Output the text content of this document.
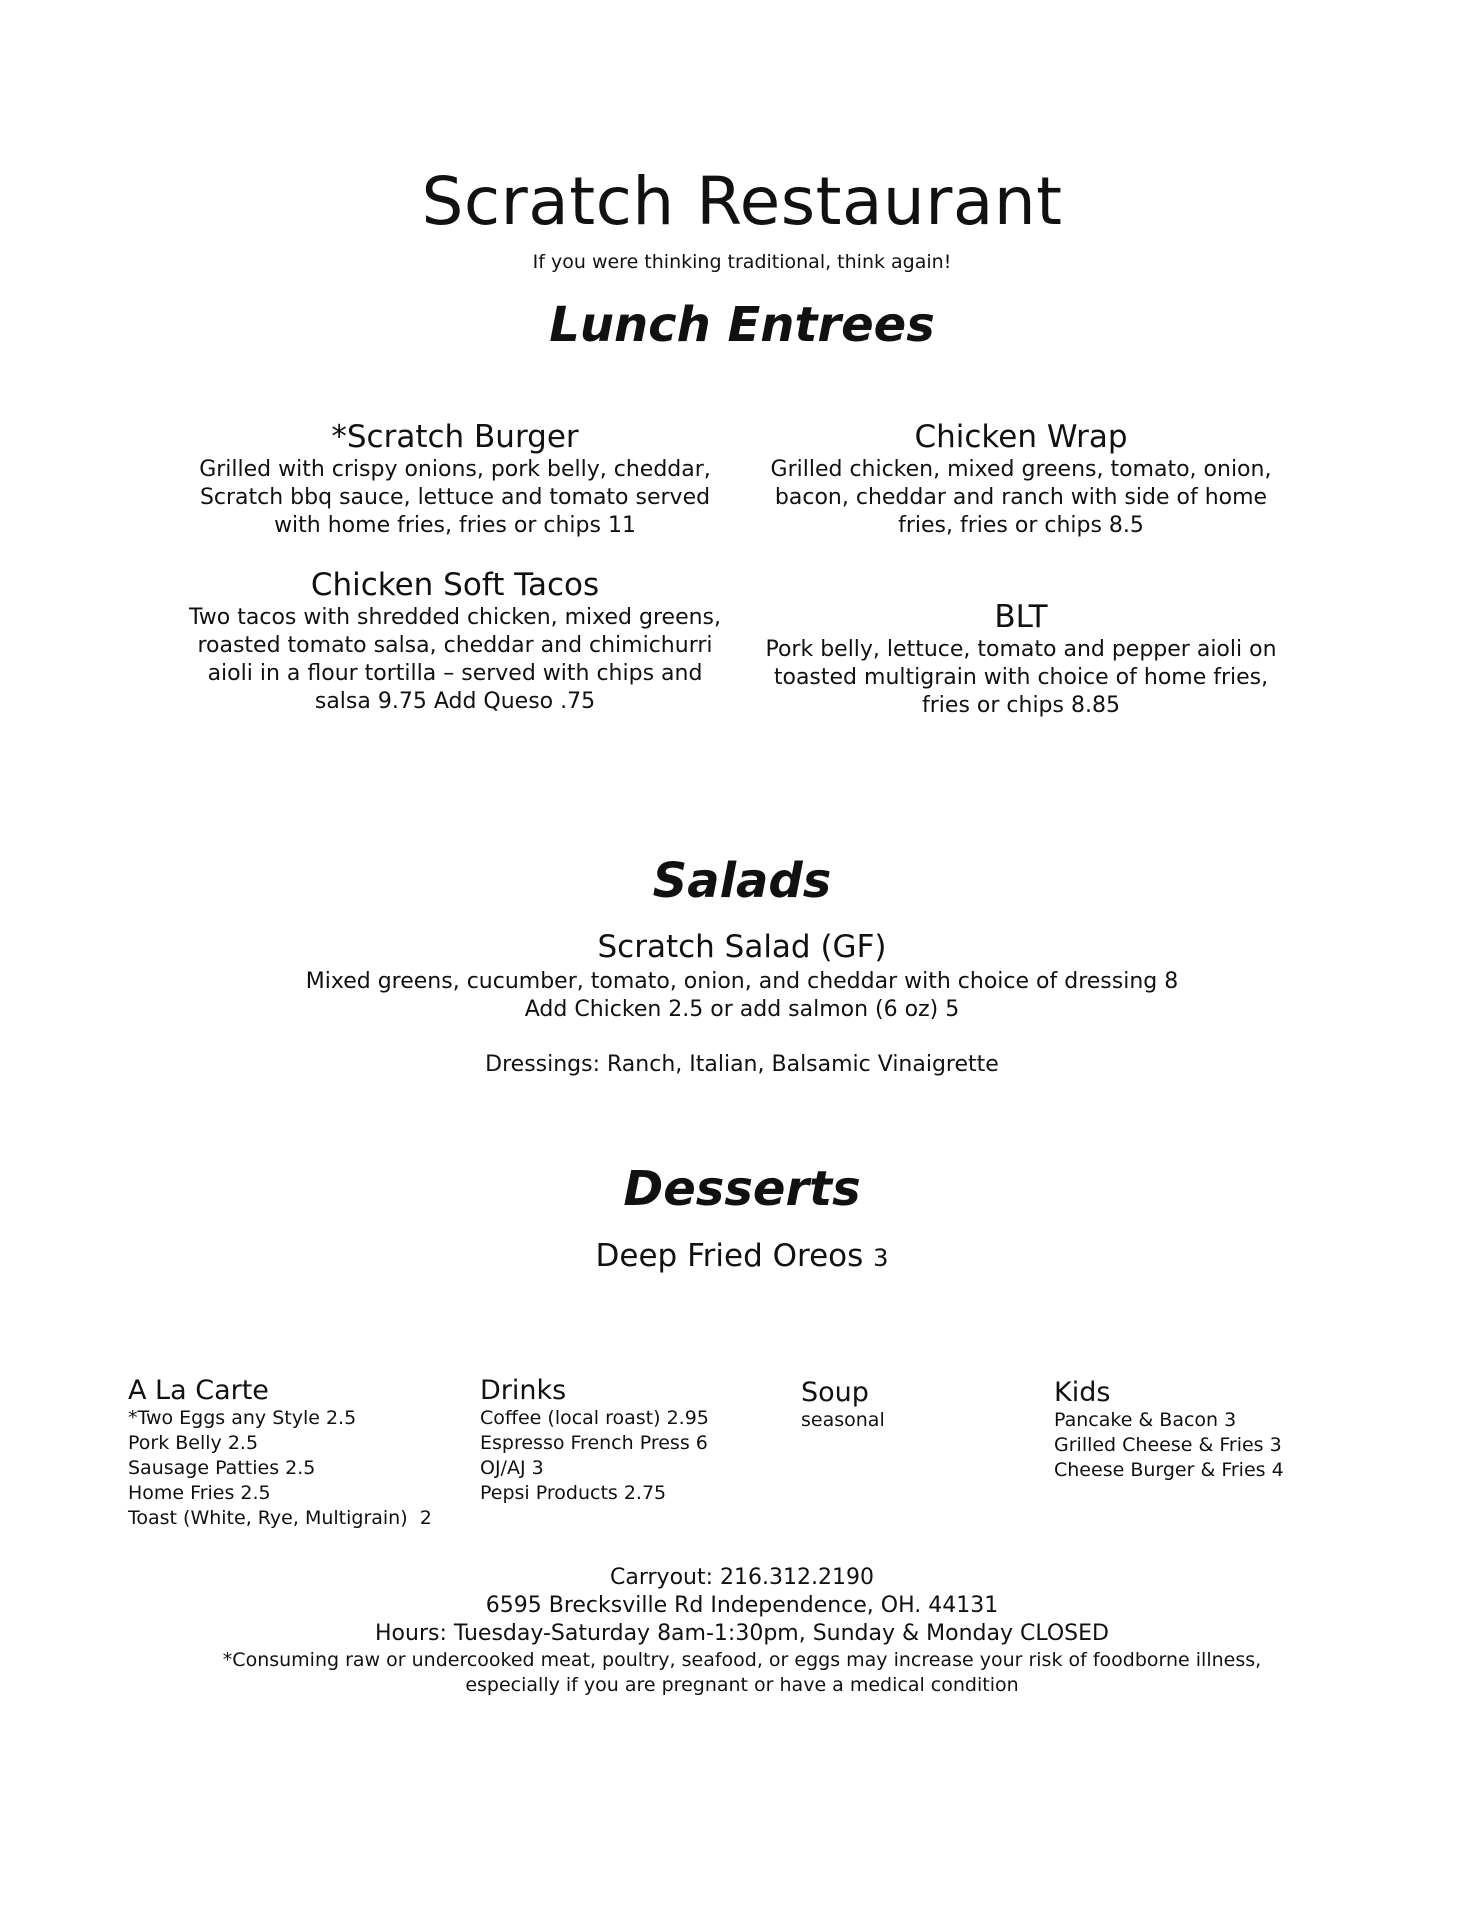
Scratch Restaurant
If you were thinking traditional, think again!
Lunch Entrees
*Scratch Burger
Grilled with crispy onions, pork belly, cheddar,
Scratch bbq sauce, lettuce and tomato served
with home fries, fries or chips 11
Chicken Wrap
Grilled chicken, mixed greens, tomato, onion,
bacon, cheddar and ranch with side of home
fries, fries or chips 8.5
Chicken Soft Tacos
Two tacos with shredded chicken, mixed greens,
roasted tomato salsa, cheddar and chimichurri
aioli in a flour tortilla – served with chips and
salsa 9.75 Add Queso .75
BLT
Pork belly, lettuce, tomato and pepper aioli on
toasted multigrain with choice of home fries,
fries or chips 8.85
Salads
Scratch Salad (GF)
Mixed greens, cucumber, tomato, onion, and cheddar with choice of dressing 8
Add Chicken 2.5 or add salmon (6 oz) 5
Dressings: Ranch, Italian, Balsamic Vinaigrette
Desserts
Deep Fried Oreos 3
A La Carte
*Two Eggs any Style 2.5
Pork Belly 2.5
Sausage Patties 2.5
Home Fries 2.5
Toast (White, Rye, Multigrain)  2
Drinks
Coffee (local roast) 2.95
Espresso French Press 6
OJ/AJ 3
Pepsi Products 2.75
Soup
seasonal
Kids
Pancake & Bacon 3
Grilled Cheese & Fries 3
Cheese Burger & Fries 4
Carryout: 216.312.2190
6595 Brecksville Rd Independence, OH. 44131
Hours: Tuesday-Saturday 8am-1:30pm, Sunday & Monday CLOSED
*Consuming raw or undercooked meat, poultry, seafood, or eggs may increase your risk of foodborne illness,
especially if you are pregnant or have a medical condition
